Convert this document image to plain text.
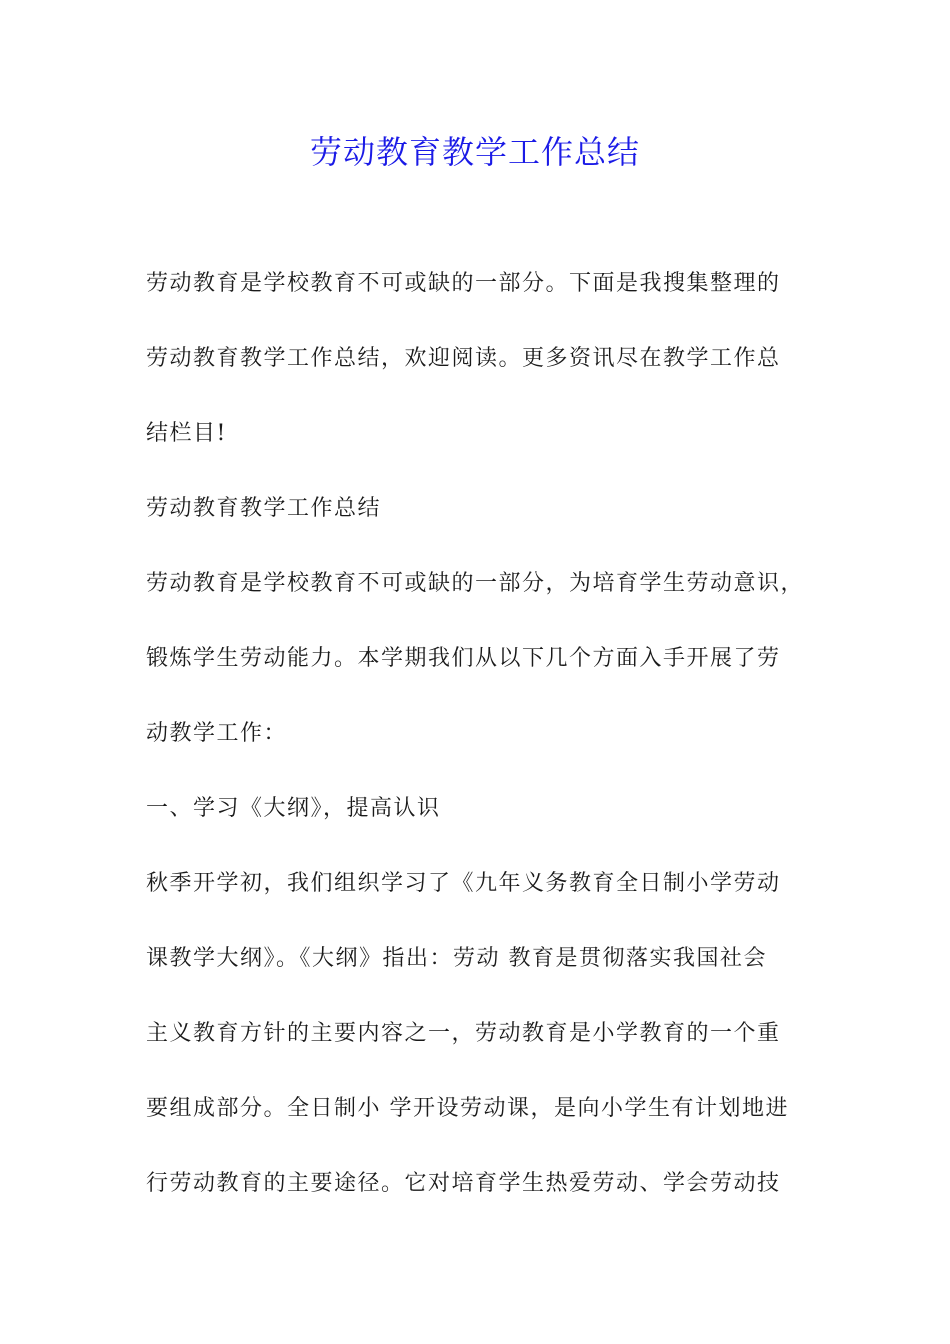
劳动教育教学工作总结
劳动教育是学校教育不可或缺的一部分。下面是我搜集整理的
劳动教育教学工作总结，欢迎阅读。更多资讯尽在教学工作总
结栏目!
劳动教育教学工作总结
劳动教育是学校教育不可或缺的一部分，为培育学生劳动意识，
锻炼学生劳动能力。本学期我们从以下几个方面入手开展了劳
动教学工作：
一、学习《大纲》，提高认识
秋季开学初，我们组织学习了《九年义务教育全日制小学劳动
课教学大纲》。《大纲》指出：劳动 教育是贯彻落实我国社会
主义教育方针的主要内容之一，劳动教育是小学教育的一个重
要组成部分。全日制小 学开设劳动课，是向小学生有计划地进
行劳动教育的主要途径。它对培育学生热爱劳动、学会劳动技
